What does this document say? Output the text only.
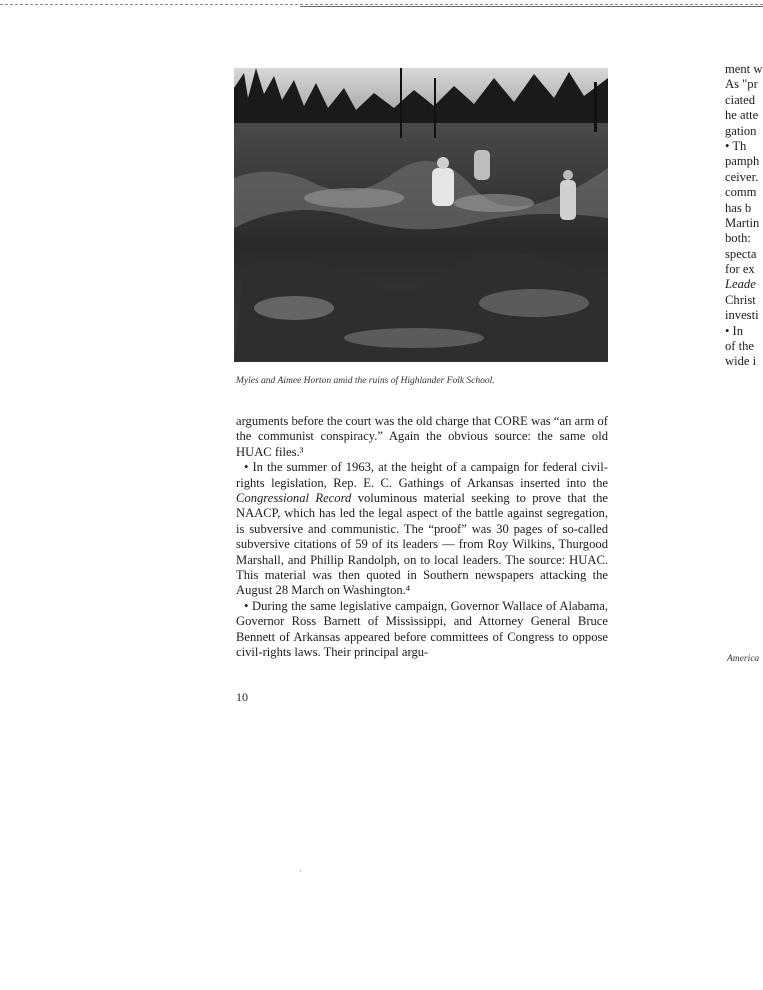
Myles and Aimee Horton amid the ruins of Highlander Folk School.

arguments before the court was the old charge that CORE was “an arm of the communist conspiracy.” Again the obvious source: the same old HUAC files.³

• In the summer of 1963, at the height of a campaign for federal civil-rights legislation, Rep. E. C. Gathings of Arkansas inserted into the Congressional Record voluminous material seeking to prove that the NAACP, which has led the legal aspect of the battle against segregation, is subversive and communistic. The “proof” was 30 pages of so-called subversive citations of 59 of its leaders — from Roy Wilkins, Thurgood Marshall, and Phillip Randolph, on to local leaders. The source: HUAC. This material was then quoted in Southern newspapers attacking the August 28 March on Washington.⁴

• During the same legislative campaign, Governor Wallace of Alabama, Governor Ross Barnett of Mississippi, and Attorney General Bruce Bennett of Arkansas appeared before committees of Congress to oppose civil-rights laws. Their principal argu-

10
ment w
As "pr
ciated
he atte
gation
• Th
pamph
ceiver.
comm
has b
Martin
both:
specta
for ex
Leade
Christ
investi
• In
of the
wide i
America
